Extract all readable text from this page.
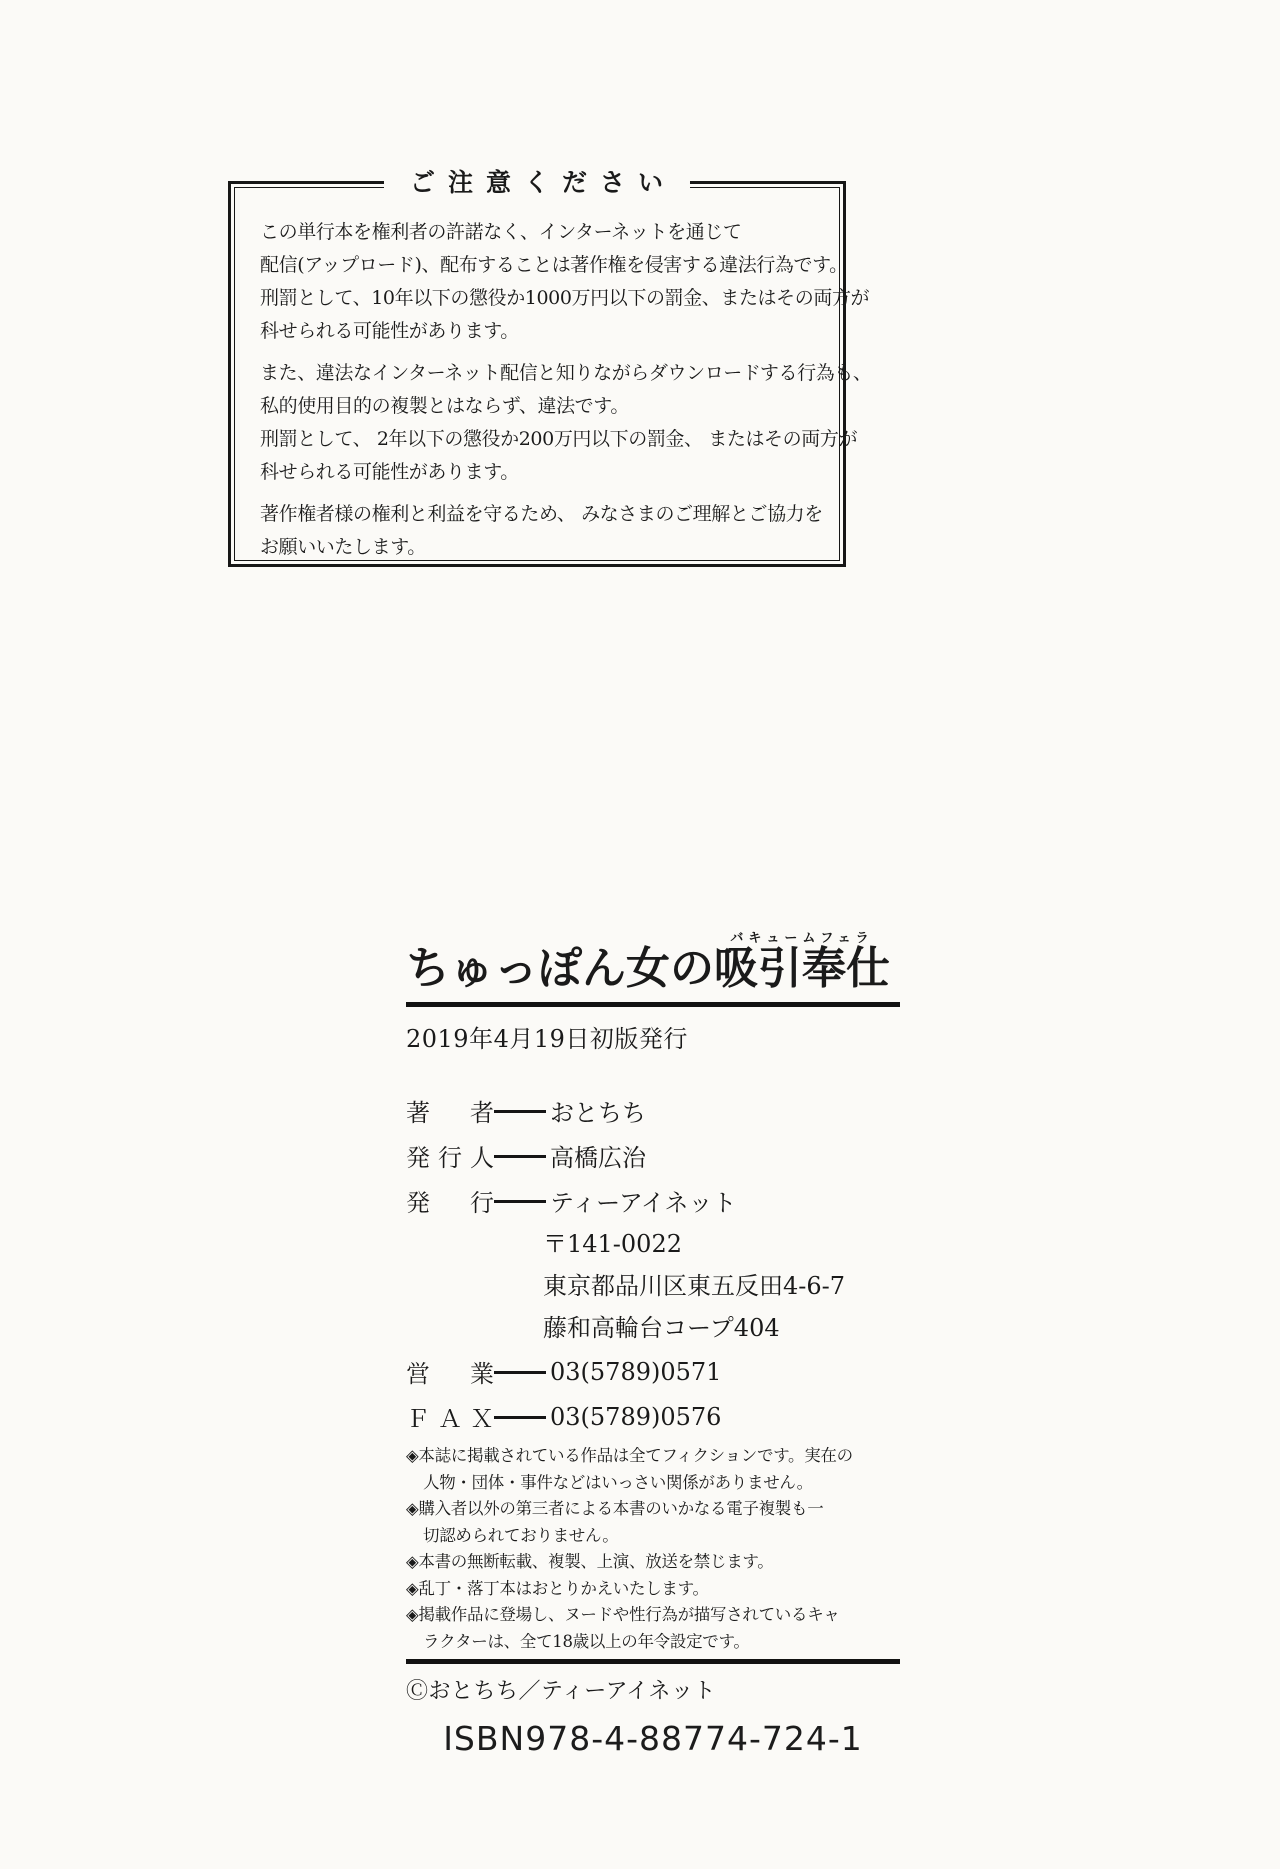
ご注意ください
この単行本を権利者の許諾なく、インターネットを通じて
配信(アップロード)、配布することは著作権を侵害する違法行為です。
刑罰として、10年以下の懲役か1000万円以下の罰金、またはその両方が
科せられる可能性があります。
また、違法なインターネット配信と知りながらダウンロードする行為も、
私的使用目的の複製とはならず、違法です。
刑罰として、 2年以下の懲役か200万円以下の罰金、 またはその両方が
科せられる可能性があります。
著作権者様の権利と利益を守るため、 みなさまのご理解とご協力を
お願いいたします。
ちゅっぽん女の 吸引奉仕バキュームフェラ
2019年4月19日初版発行
著　者 おとちち
発行人 高橋広治
発　行 ティーアイネット
〒141-0022
東京都品川区東五反田4-6-7
藤和高輪台コープ404
営　業 03(5789)0571
ＦＡＸ 03(5789)0576
◈本誌に掲載されている作品は全てフィクションです。実在の
人物・団体・事件などはいっさい関係がありません。
◈購入者以外の第三者による本書のいかなる電子複製も一
切認められておりません。
◈本書の無断転載、複製、上演、放送を禁じます。
◈乱丁・落丁本はおとりかえいたします。
◈掲載作品に登場し、ヌードや性行為が描写されているキャ
ラクターは、全て18歳以上の年令設定です。
Ⓒおとちち／ティーアイネット
ISBN978-4-88774-724-1
